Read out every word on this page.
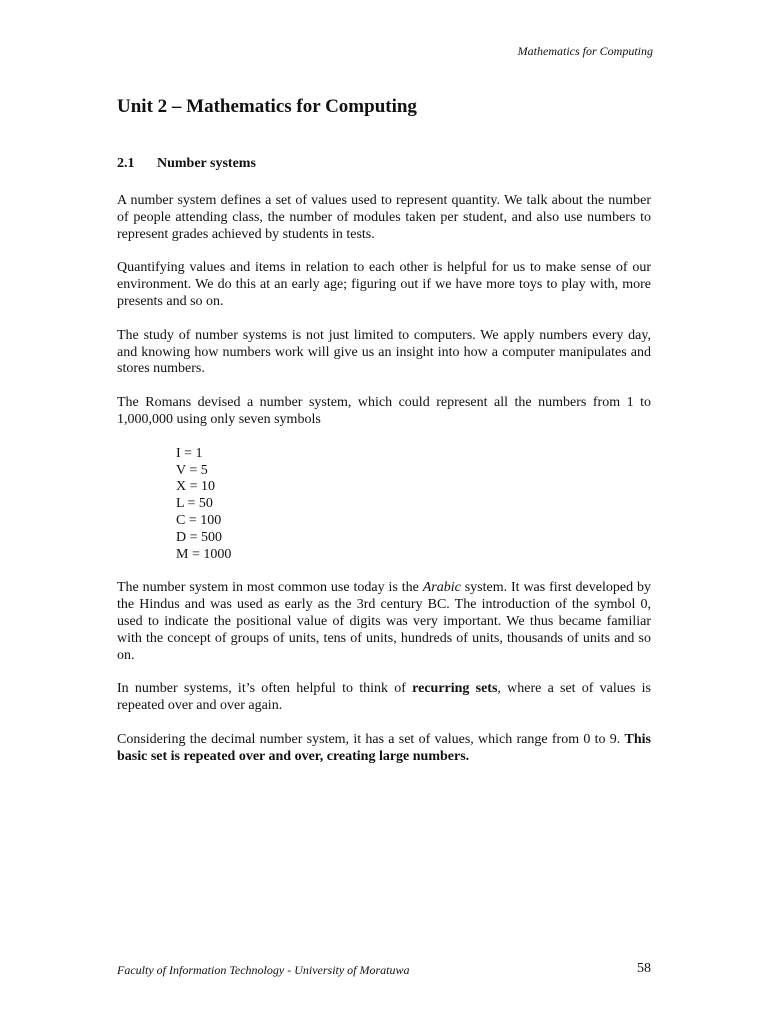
Mathematics for Computing
Unit 2 – Mathematics for Computing
2.1 Number systems

A number system defines a set of values used to represent quantity. We talk about the number of people attending class, the number of modules taken per student, and also use numbers to represent grades achieved by students in tests.

Quantifying values and items in relation to each other is helpful for us to make sense of our environment. We do this at an early age; figuring out if we have more toys to play with, more presents and so on.

The study of number systems is not just limited to computers. We apply numbers every day, and knowing how numbers work will give us an insight into how a computer manipulates and stores numbers.

The Romans devised a number system, which could represent all the numbers from 1 to 1,000,000 using only seven symbols

I = 1
V = 5
X = 10
L = 50
C = 100
D = 500
M = 1000

The number system in most common use today is the Arabic system. It was first developed by the Hindus and was used as early as the 3rd century BC. The introduction of the symbol 0, used to indicate the positional value of digits was very important. We thus became familiar with the concept of groups of units, tens of units, hundreds of units, thousands of units and so on.

In number systems, it’s often helpful to think of recurring sets, where a set of values is repeated over and over again.

Considering the decimal number system, it has a set of values, which range from 0 to 9. This basic set is repeated over and over, creating large numbers.

Faculty of Information Technology - University of Moratuwa	58
